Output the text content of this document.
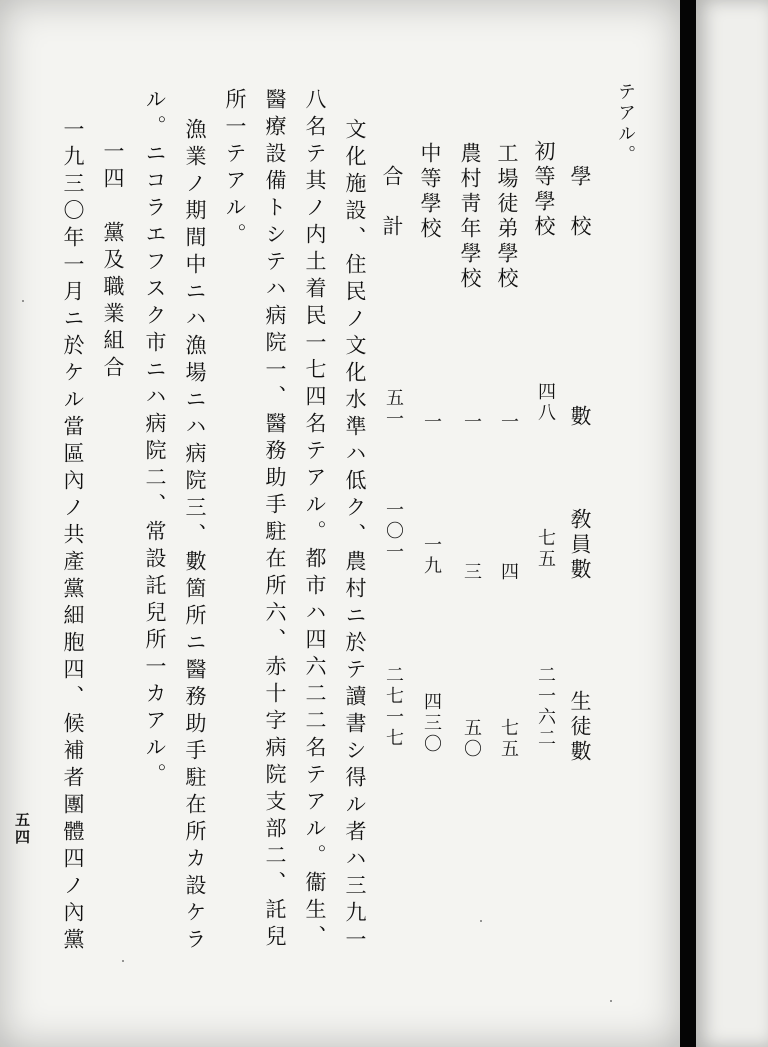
テアル。
學　校
數
敎員數
生徒數
初等學校
四八
七五
二一六二
工場徒弟學校
一
四
七五
農村靑年學校
一
三
五〇
中等學校
一
一九
四三〇
合　計
五一
一〇一
二七一七
文化施設、住民ノ文化水準ハ低ク、農村ニ於テ讀書シ得ル者ハ三九一
八名テ其ノ内土着民一七四名テアル。都市ハ四六二二名テアル。衞生、
醫療設備トシテハ病院一、醫務助手駐在所六、赤十字病院支部二、託兒
所一テアル。
漁業ノ期間中ニハ漁場ニハ病院三、數箇所ニ醫務助手駐在所カ設ケラ
ル。ニコラエフスク市ニハ病院二、常設託兒所一カアル。
一四　黨及職業組合
一九三〇年一月ニ於ケル當區內ノ共產黨細胞四、候補者團體四ノ內黨
五四
